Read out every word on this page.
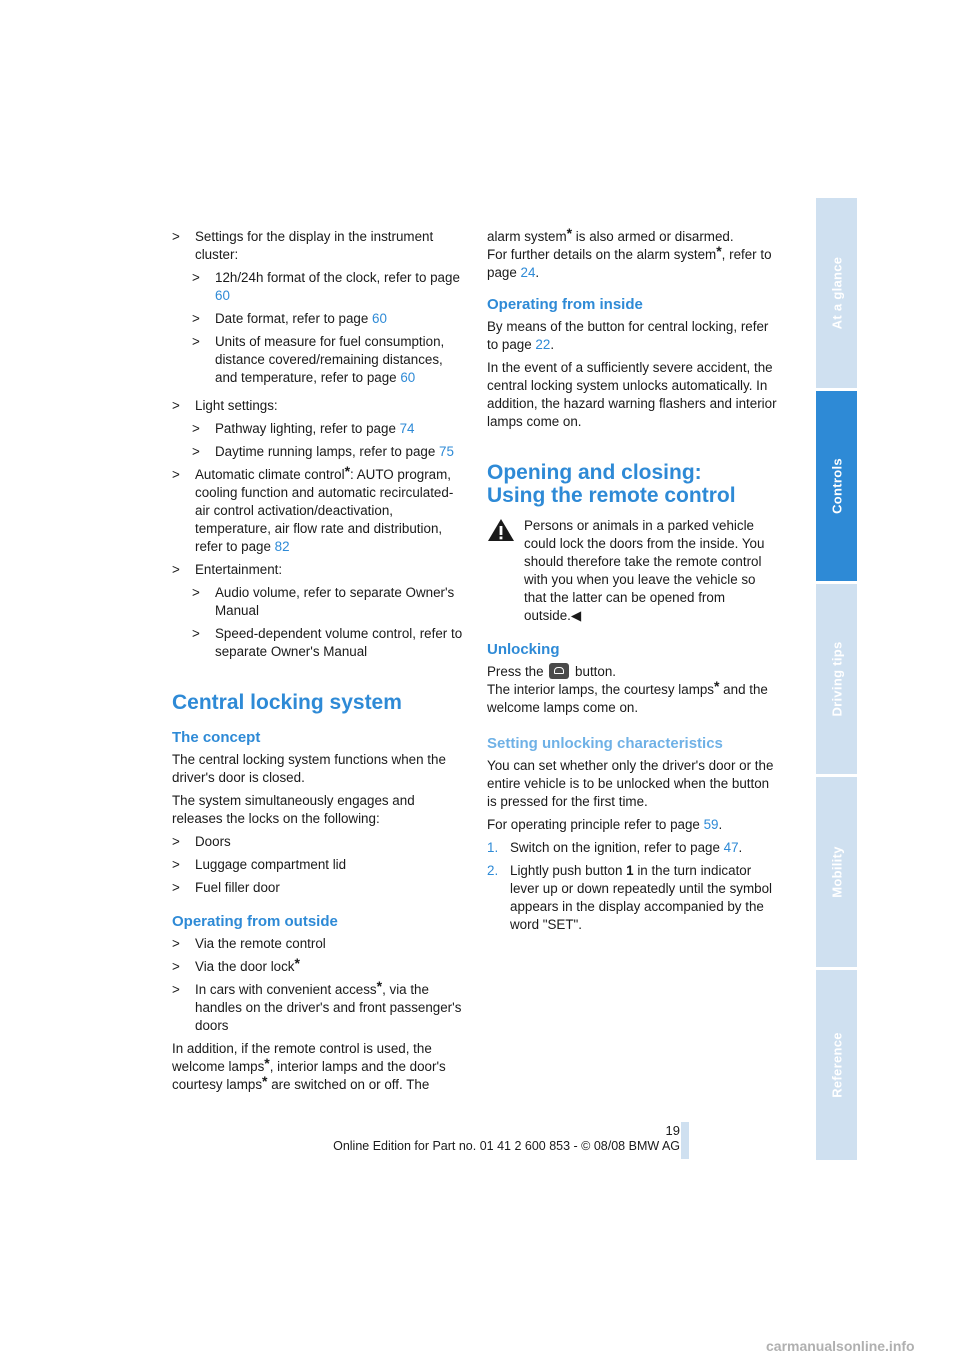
> Settings for the display in the instrument cluster:
> 12h/24h format of the clock, refer to page 60
> Date format, refer to page 60
> Units of measure for fuel consumption, distance covered/remaining distances, and temperature, refer to page 60
> Light settings:
> Pathway lighting, refer to page 74
> Daytime running lamps, refer to page 75
> Automatic climate control*: AUTO program, cooling function and automatic recirculated-air control activation/deactivation, temperature, air flow rate and distribution, refer to page 82
> Entertainment:
> Audio volume, refer to separate Owner's Manual
> Speed-dependent volume control, refer to separate Owner's Manual
Central locking system
The concept

The central locking system functions when the driver's door is closed.

The system simultaneously engages and releases the locks on the following:

> Doors
> Luggage compartment lid
> Fuel filler door
Operating from outside
> Via the remote control
> Via the door lock*
> In cars with convenient access*, via the handles on the driver's and front passenger's doors

In addition, if the remote control is used, the welcome lamps*, interior lamps and the door's courtesy lamps* are switched on or off. The

alarm system* is also armed or disarmed.

For further details on the alarm system*, refer to page 24.

Operating from inside

By means of the button for central locking, refer to page 22.

In the event of a sufficiently severe accident, the central locking system unlocks automatically. In addition, the hazard warning flashers and interior lamps come on.

Opening and closing:
Using the remote control
Persons or animals in a parked vehicle could lock the doors from the inside. You should therefore take the remote control with you when you leave the vehicle so that the latter can be opened from outside.◀
Unlocking

Press the button.

The interior lamps, the courtesy lamps* and the welcome lamps come on.

Setting unlocking characteristics

You can set whether only the driver's door or the entire vehicle is to be unlocked when the button is pressed for the first time.

For operating principle refer to page 59.

1. Switch on the ignition, refer to page 47.
2. Lightly push button 1 in the turn indicator lever up or down repeatedly until the symbol appears in the display accompanied by the word "SET".
At a glance
Controls
Driving tips
Mobility
Reference
19
Online Edition for Part no. 01 41 2 600 853 - © 08/08 BMW AG
carmanualsonline.info
